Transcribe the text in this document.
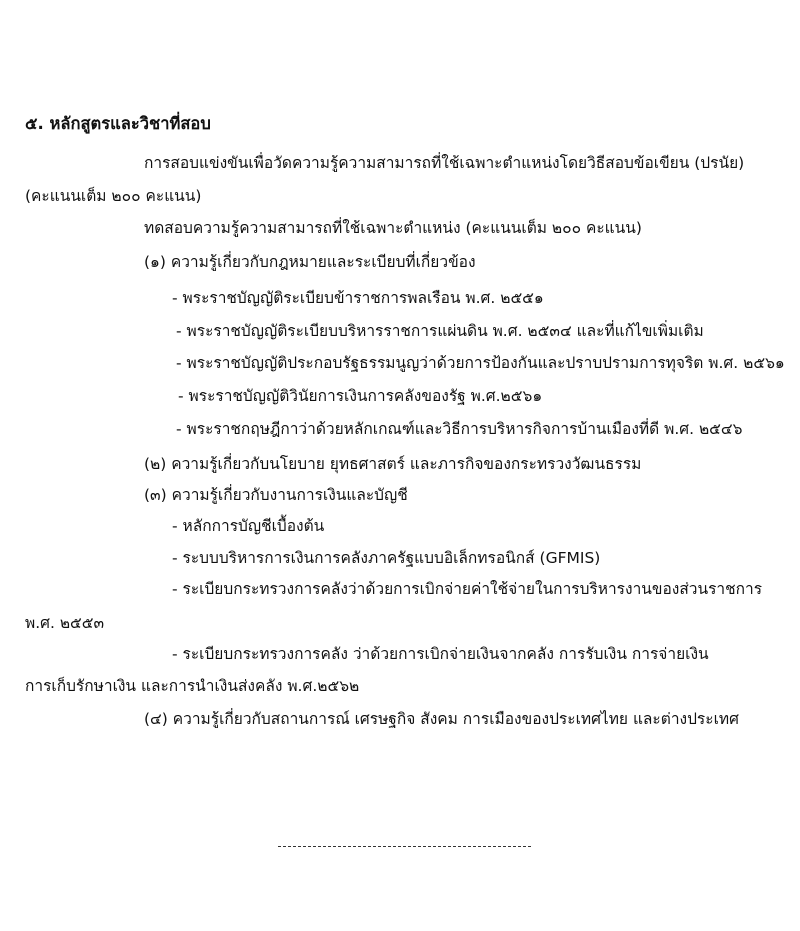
๕. หลักสูตรและวิชาที่สอบ
การสอบแข่งขันเพื่อวัดความรู้ความสามารถที่ใช้เฉพาะตำแหน่งโดยวิธีสอบข้อเขียน (ปรนัย)
(คะแนนเต็ม ๒๐๐ คะแนน)
ทดสอบความรู้ความสามารถที่ใช้เฉพาะตำแหน่ง (คะแนนเต็ม ๒๐๐ คะแนน)
(๑) ความรู้เกี่ยวกับกฎหมายและระเบียบที่เกี่ยวข้อง
- พระราชบัญญัติระเบียบข้าราชการพลเรือน พ.ศ. ๒๕๕๑
- พระราชบัญญัติระเบียบบริหารราชการแผ่นดิน พ.ศ. ๒๕๓๔ และที่แก้ไขเพิ่มเติม
- พระราชบัญญัติประกอบรัฐธรรมนูญว่าด้วยการป้องกันและปราบปรามการทุจริต พ.ศ. ๒๕๖๑
- พระราชบัญญัติวินัยการเงินการคลังของรัฐ พ.ศ.๒๕๖๑
- พระราชกฤษฎีกาว่าด้วยหลักเกณฑ์และวิธีการบริหารกิจการบ้านเมืองที่ดี พ.ศ. ๒๕๔๖
(๒) ความรู้เกี่ยวกับนโยบาย ยุทธศาสตร์ และภารกิจของกระทรวงวัฒนธรรม
(๓) ความรู้เกี่ยวกับงานการเงินและบัญชี
- หลักการบัญชีเบื้องต้น
- ระบบบริหารการเงินการคลังภาครัฐแบบอิเล็กทรอนิกส์ (GFMIS)
- ระเบียบกระทรวงการคลังว่าด้วยการเบิกจ่ายค่าใช้จ่ายในการบริหารงานของส่วนราชการ
พ.ศ. ๒๕๕๓
- ระเบียบกระทรวงการคลัง ว่าด้วยการเบิกจ่ายเงินจากคลัง การรับเงิน การจ่ายเงิน
การเก็บรักษาเงิน และการนำเงินส่งคลัง พ.ศ.๒๕๖๒
(๔) ความรู้เกี่ยวกับสถานการณ์ เศรษฐกิจ สังคม การเมืองของประเทศไทย และต่างประเทศ
